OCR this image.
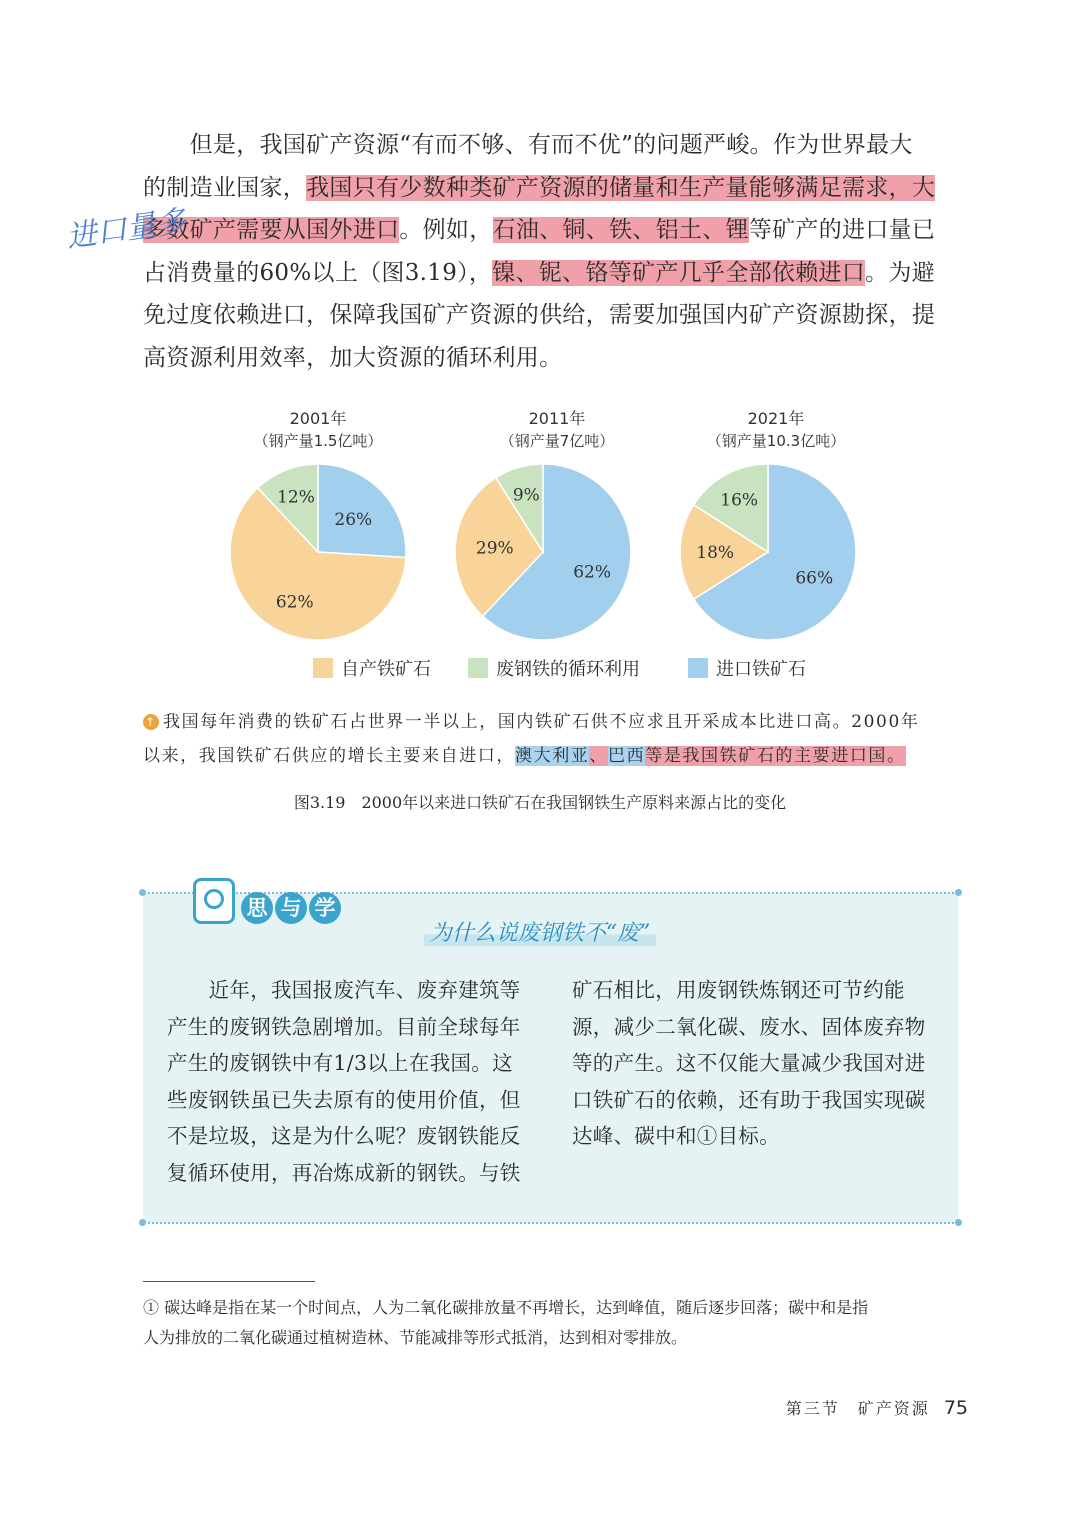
　　但是，我国矿产资源“有而不够、有而不优”的问题严峻。作为世界最大
的制造业国家，我国只有少数种类矿产资源的储量和生产量能够满足需求，大
多数矿产需要从国外进口。例如，石油、铜、铁、铝土、锂等矿产的进口量已
占消费量的60%以上（图3.19），镍、铌、铬等矿产几乎全部依赖进口。为避
免过度依赖进口，保障我国矿产资源的供给，需要加强国内矿产资源勘探，提
高资源利用效率，加大资源的循环利用。
进口量多
2001年
（钢产量1.5亿吨）
2011年
（钢产量7亿吨）
2021年
（钢产量10.3亿吨）
26%
62%
12%
62%
29%
9%
66%
18%
16%
自产铁矿石	废钢铁的循环利用	进口铁矿石
↑ 我国每年消费的铁矿石占世界一半以上，国内铁矿石供不应求且开采成本比进口高。2000年
以来，我国铁矿石供应的增长主要来自进口，澳大利亚、巴西等是我国铁矿石的主要进口国。
图3.19　2000年以来进口铁矿石在我国钢铁生产原料来源占比的变化
思 与 学
为什么说废钢铁不“废”
　　近年，我国报废汽车、废弃建筑等
产生的废钢铁急剧增加。目前全球每年
产生的废钢铁中有1/3以上在我国。这
些废钢铁虽已失去原有的使用价值，但
不是垃圾，这是为什么呢？废钢铁能反
复循环使用，再冶炼成新的钢铁。与铁
矿石相比，用废钢铁炼钢还可节约能
源，减少二氧化碳、废水、固体废弃物
等的产生。这不仅能大量减少我国对进
口铁矿石的依赖，还有助于我国实现碳
达峰、碳中和①目标。
① 碳达峰是指在某一个时间点，人为二氧化碳排放量不再增长，达到峰值，随后逐步回落；碳中和是指
人为排放的二氧化碳通过植树造林、节能减排等形式抵消，达到相对零排放。
第三节　矿产资源 75
